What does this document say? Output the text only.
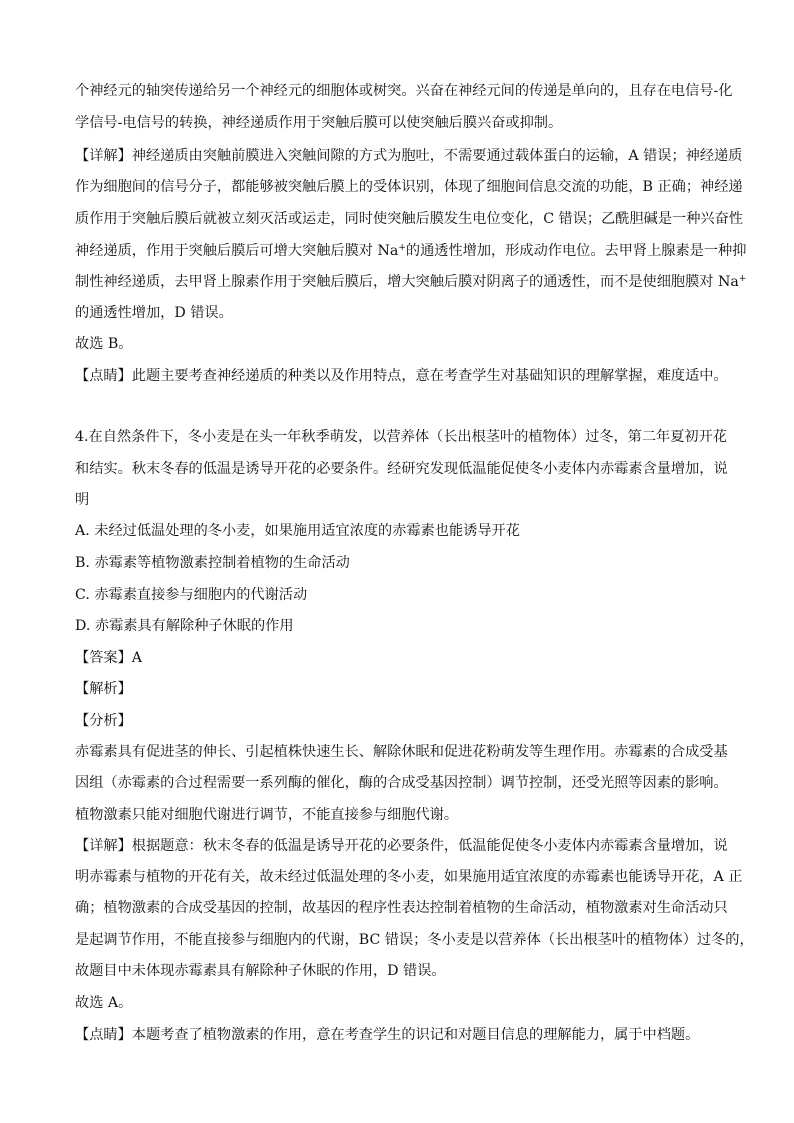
个神经元的轴突传递给另一个神经元的细胞体或树突。兴奋在神经元间的传递是单向的，且存在电信号-化
学信号-电信号的转换，神经递质作用于突触后膜可以使突触后膜兴奋或抑制。
【详解】神经递质由突触前膜进入突触间隙的方式为胞吐，不需要通过载体蛋白的运输，A 错误；神经递质
作为细胞间的信号分子，都能够被突触后膜上的受体识别，体现了细胞间信息交流的功能，B 正确；神经递
质作用于突触后膜后就被立刻灭活或运走，同时使突触后膜发生电位变化，C 错误；乙酰胆碱是一种兴奋性
神经递质，作用于突触后膜后可增大突触后膜对 Na+的通透性增加，形成动作电位。去甲肾上腺素是一种抑
制性神经递质，去甲肾上腺素作用于突触后膜后，增大突触后膜对阴离子的通透性，而不是使细胞膜对 Na+
的通透性增加，D 错误。
故选 B。
【点睛】此题主要考查神经递质的种类以及作用特点，意在考查学生对基础知识的理解掌握，难度适中。
4.在自然条件下，冬小麦是在头一年秋季萌发，以营养体（长出根茎叶的植物体）过冬，第二年夏初开花
和结实。秋末冬春的低温是诱导开花的必要条件。经研究发现低温能促使冬小麦体内赤霉素含量增加，说
明
A. 未经过低温处理的冬小麦，如果施用适宜浓度的赤霉素也能诱导开花
B. 赤霉素等植物激素控制着植物的生命活动
C. 赤霉素直接参与细胞内的代谢活动
D. 赤霉素具有解除种子休眠的作用
【答案】A
【解析】
【分析】
赤霉素具有促进茎的伸长、引起植株快速生长、解除休眠和促进花粉萌发等生理作用。赤霉素的合成受基
因组（赤霉素的合过程需要一系列酶的催化，酶的合成受基因控制）调节控制，还受光照等因素的影响。
植物激素只能对细胞代谢进行调节，不能直接参与细胞代谢。
【详解】根据题意：秋末冬春的低温是诱导开花的必要条件，低温能促使冬小麦体内赤霉素含量增加，说
明赤霉素与植物的开花有关，故未经过低温处理的冬小麦，如果施用适宜浓度的赤霉素也能诱导开花，A 正
确；植物激素的合成受基因的控制，故基因的程序性表达控制着植物的生命活动，植物激素对生命活动只
是起调节作用，不能直接参与细胞内的代谢，BC 错误；冬小麦是以营养体（长出根茎叶的植物体）过冬的，
故题目中未体现赤霉素具有解除种子休眠的作用，D 错误。
故选 A。
【点睛】本题考查了植物激素的作用，意在考查学生的识记和对题目信息的理解能力，属于中档题。
